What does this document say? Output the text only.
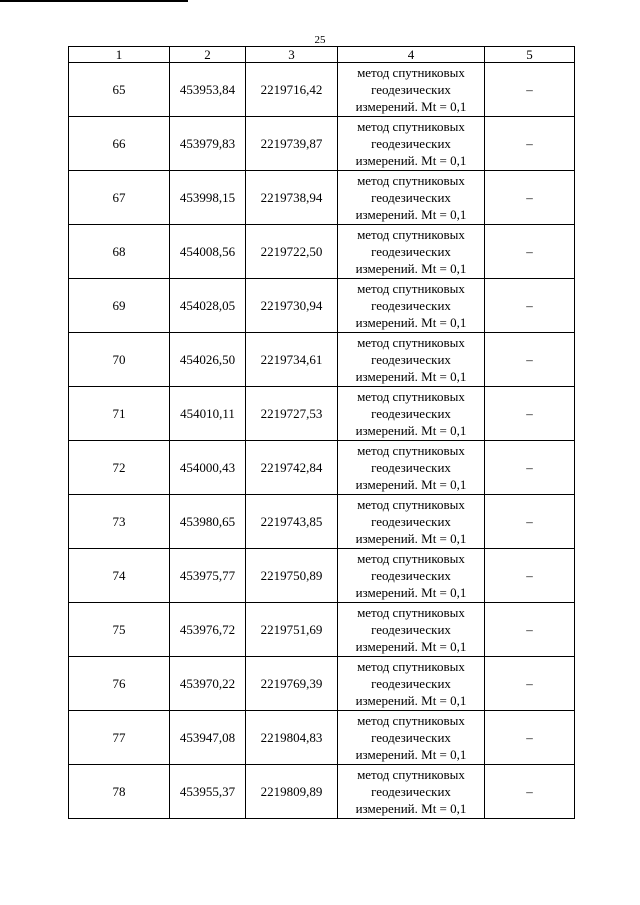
25
1	2	3	4	5
65	453953,84	2219716,42	метод спутниковых
геодезических
измерений. Mt = 0,1	–
66	453979,83	2219739,87	метод спутниковых
геодезических
измерений. Mt = 0,1	–
67	453998,15	2219738,94	метод спутниковых
геодезических
измерений. Mt = 0,1	–
68	454008,56	2219722,50	метод спутниковых
геодезических
измерений. Mt = 0,1	–
69	454028,05	2219730,94	метод спутниковых
геодезических
измерений. Mt = 0,1	–
70	454026,50	2219734,61	метод спутниковых
геодезических
измерений. Mt = 0,1	–
71	454010,11	2219727,53	метод спутниковых
геодезических
измерений. Mt = 0,1	–
72	454000,43	2219742,84	метод спутниковых
геодезических
измерений. Mt = 0,1	–
73	453980,65	2219743,85	метод спутниковых
геодезических
измерений. Mt = 0,1	–
74	453975,77	2219750,89	метод спутниковых
геодезических
измерений. Mt = 0,1	–
75	453976,72	2219751,69	метод спутниковых
геодезических
измерений. Mt = 0,1	–
76	453970,22	2219769,39	метод спутниковых
геодезических
измерений. Mt = 0,1	–
77	453947,08	2219804,83	метод спутниковых
геодезических
измерений. Mt = 0,1	–
78	453955,37	2219809,89	метод спутниковых
геодезических
измерений. Mt = 0,1	–
